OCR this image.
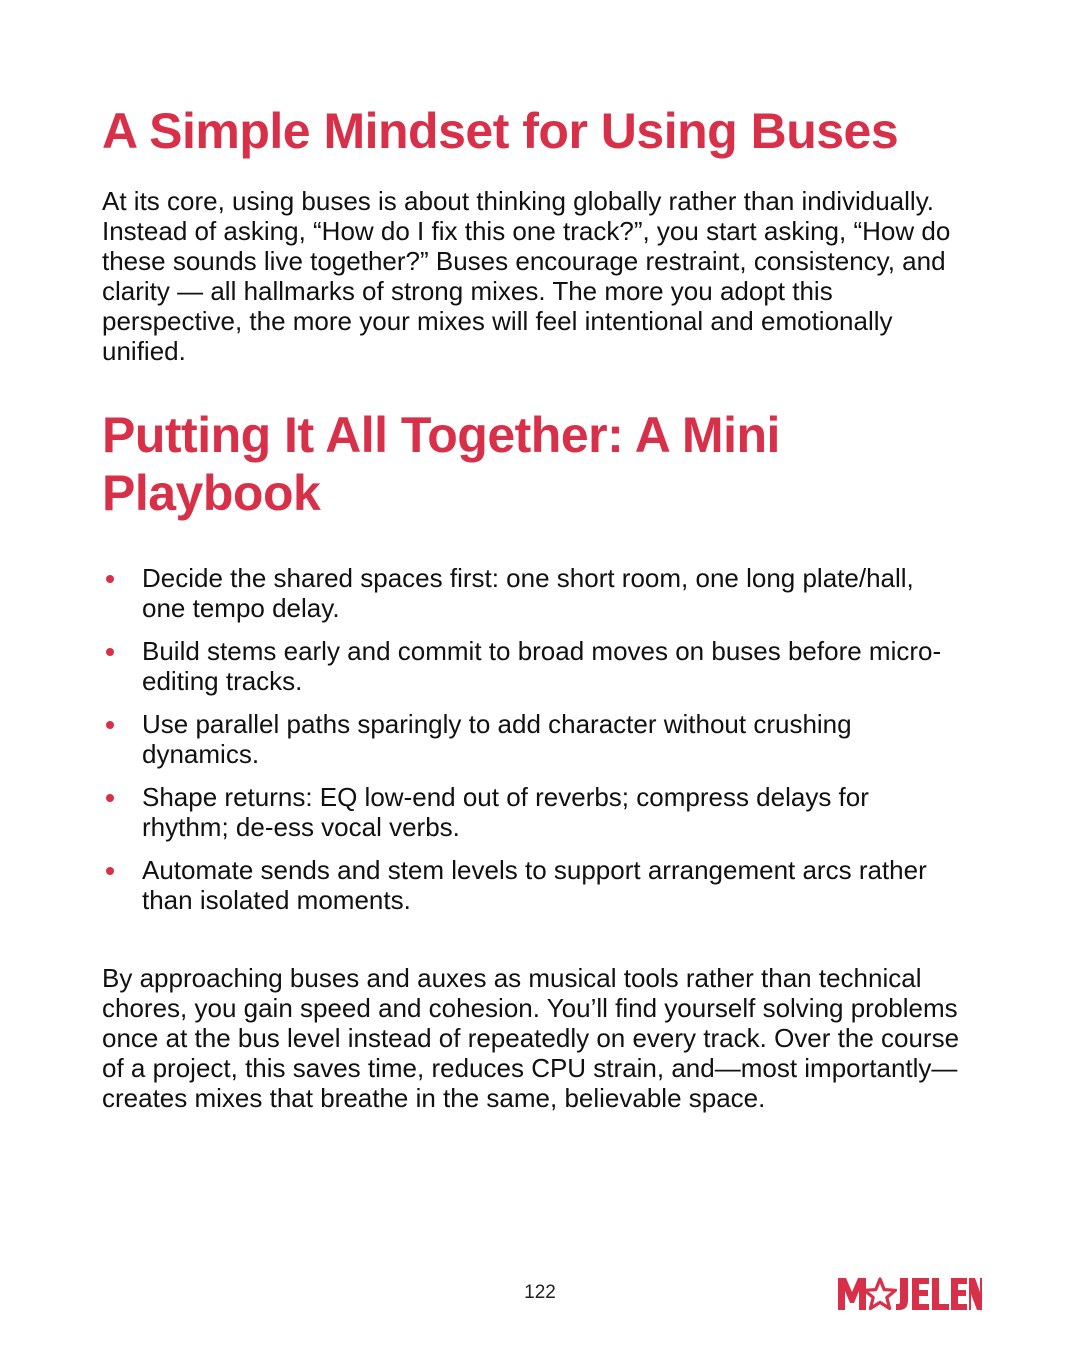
A Simple Mindset for Using Buses

At its core, using buses is about thinking globally rather than individually. Instead of asking, “How do I fix this one track?”, you start asking, “How do these sounds live together?” Buses encourage restraint, consistency, and clarity — all hallmarks of strong mixes. The more you adopt this perspective, the more your mixes will feel intentional and emotionally unified.

Putting It All Together: A Mini Playbook
Decide the shared spaces first: one short room, one long plate/hall, one tempo delay.
Build stems early and commit to broad moves on buses before micro-editing tracks.
Use parallel paths sparingly to add character without crushing dynamics.
Shape returns: EQ low-end out of reverbs; compress delays for rhythm; de-ess vocal verbs.
Automate sends and stem levels to support arrangement arcs rather than isolated moments.

By approaching buses and auxes as musical tools rather than technical chores, you gain speed and cohesion. You’ll find yourself solving problems once at the bus level instead of repeatedly on every track. Over the course of a project, this saves time, reduces CPU strain, and—most importantly—creates mixes that breathe in the same, believable space.

122
